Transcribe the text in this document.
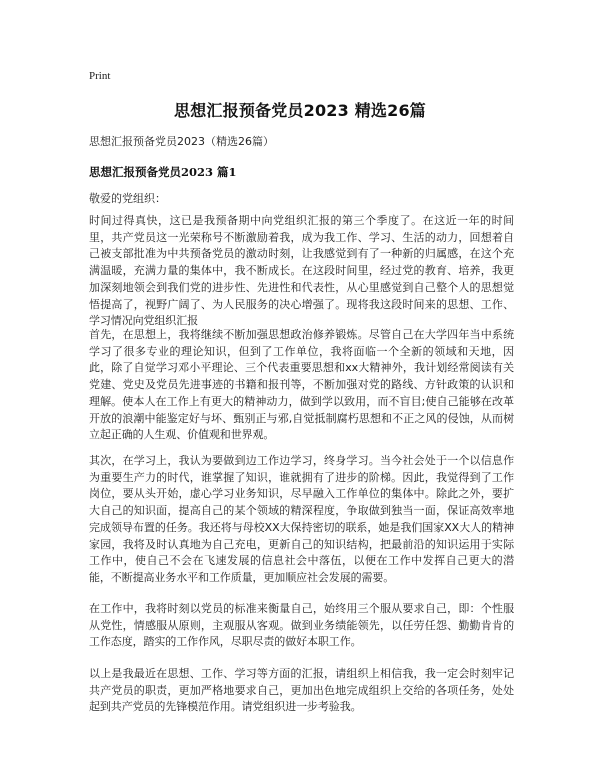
Print
思想汇报预备党员2023 精选26篇
思想汇报预备党员2023（精选26篇）
思想汇报预备党员2023 篇1
敬爱的党组织：
时间过得真快，这已是我预备期中向党组织汇报的第三个季度了。在这近一年的时间里，共产党员这一光荣称号不断激励着我，成为我工作、学习、生活的动力，回想着自己被支部批准为中共预备党员的激动时刻，让我感觉到有了一种新的归属感，在这个充满温暖，充满力量的集体中，我不断成长。在这段时间里，经过党的教育、培养，我更加深刻地领会到我们党的进步性、先进性和代表性，从心里感觉到自己整个人的思想觉悟提高了，视野广阔了、为人民服务的决心增强了。现将我这段时间来的思想、工作、学习情况向党组织汇报
首先，在思想上，我将继续不断加强思想政治修养锻炼。尽管自己在大学四年当中系统学习了很多专业的理论知识，但到了工作单位，我将面临一个全新的领域和天地，因此，除了自觉学习邓小平理论、三个代表重要思想和xx大精神外，我计划经常阅读有关党建、党史及党员先进事迹的书籍和报刊等，不断加强对党的路线、方针政策的认识和理解。使本人在工作上有更大的精神动力，做到学以致用，而不盲目;使自己能够在改革开放的浪潮中能鉴定好与坏、甄别正与邪,自觉抵制腐朽思想和不正之风的侵蚀，从而树立起正确的人生观、价值观和世界观。
其次，在学习上，我认为要做到边工作边学习，终身学习。当今社会处于一个以信息作为重要生产力的时代，谁掌握了知识，谁就拥有了进步的阶梯。因此，我觉得到了工作岗位，要从头开始，虚心学习业务知识，尽早融入工作单位的集体中。除此之外，要扩大自己的知识面，提高自己的某个领域的精深程度，争取做到独当一面，保证高效率地完成领导布置的任务。我还将与母校XX大保持密切的联系，她是我们国家XX大人的精神家园，我将及时认真地为自己充电，更新自己的知识结构，把最前沿的知识运用于实际工作中，使自己不会在飞速发展的信息社会中落伍，以便在工作中发挥自己更大的潜能，不断提高业务水平和工作质量，更加顺应社会发展的需要。
在工作中，我将时刻以党员的标准来衡量自己，始终用三个服从要求自己，即：个性服从党性，情感服从原则，主观服从客观。做到业务绩能领先，以任劳任怨、勤勤肯肯的工作态度，踏实的工作作风，尽职尽责的做好本职工作。
以上是我最近在思想、工作、学习等方面的汇报，请组织上相信我，我一定会时刻牢记共产党员的职责，更加严格地要求自己，更加出色地完成组织上交给的各项任务，处处起到共产党员的先锋模范作用。请党组织进一步考验我。
